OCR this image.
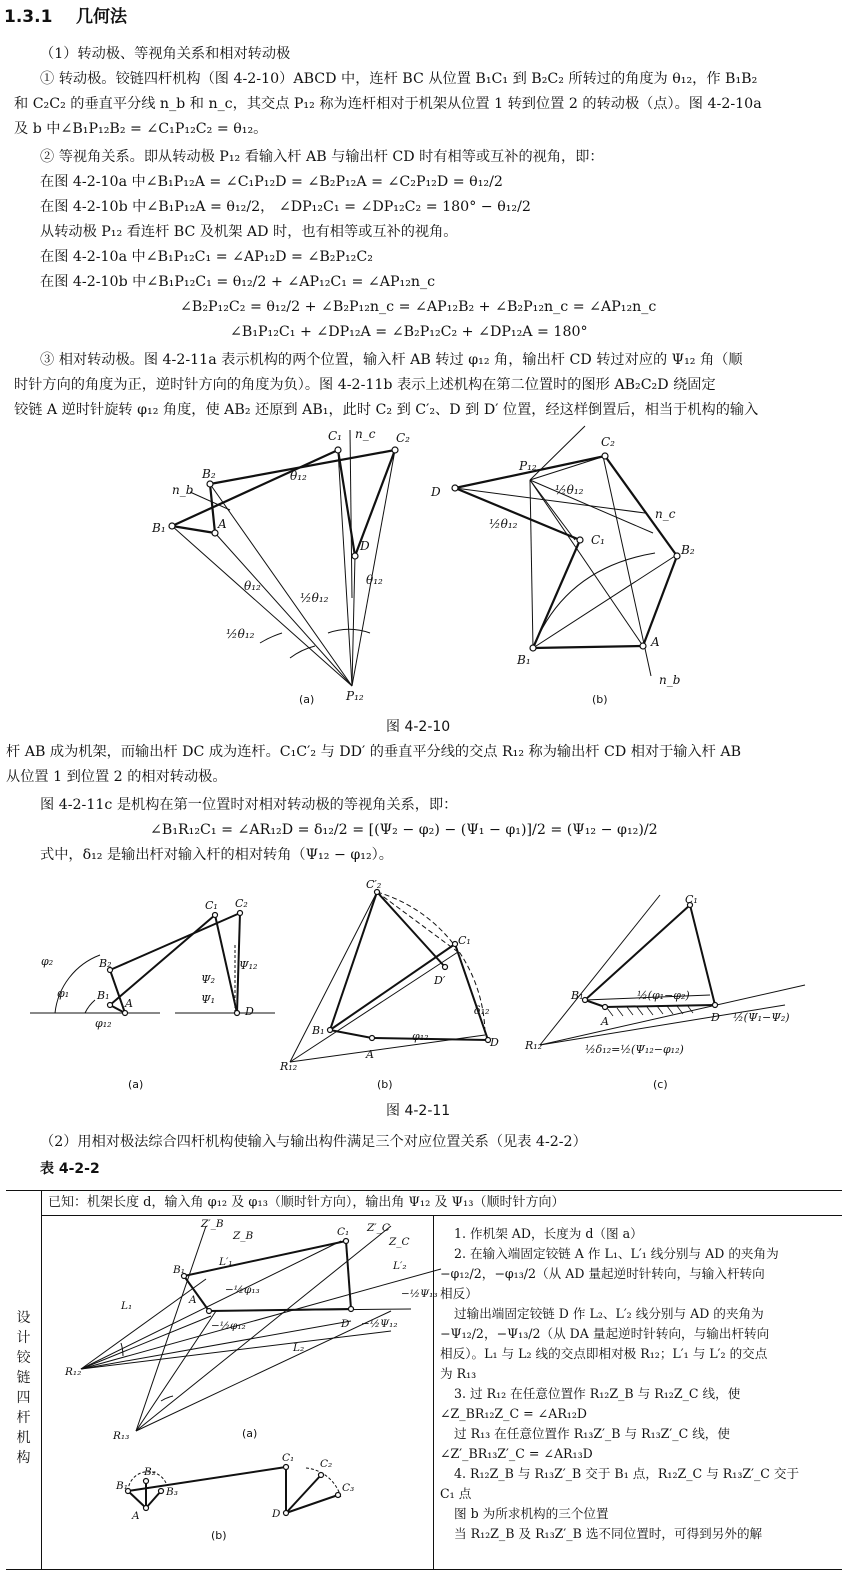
1.3.1 几何法
（1）转动极、等视角关系和相对转动极
① 转动极。铰链四杆机构（图 4-2-10）ABCD 中，连杆 BC 从位置 B₁C₁ 到 B₂C₂ 所转过的角度为 θ₁₂，作 B₁B₂
和 C₂C₂ 的垂直平分线 n_b 和 n_c，其交点 P₁₂ 称为连杆相对于机架从位置 1 转到位置 2 的转动极（点）。图 4-2-10a
及 b 中∠B₁P₁₂B₂ = ∠C₁P₁₂C₂ = θ₁₂。
② 等视角关系。即从转动极 P₁₂ 看输入杆 AB 与输出杆 CD 时有相等或互补的视角，即：
在图 4-2-10a 中∠B₁P₁₂A = ∠C₁P₁₂D = ∠B₂P₁₂A = ∠C₂P₁₂D = θ₁₂/2
在图 4-2-10b 中∠B₁P₁₂A = θ₁₂/2， ∠DP₁₂C₁ = ∠DP₁₂C₂ = 180° − θ₁₂/2
从转动极 P₁₂ 看连杆 BC 及机架 AD 时，也有相等或互补的视角。
在图 4-2-10a 中∠B₁P₁₂C₁ = ∠AP₁₂D = ∠B₂P₁₂C₂
在图 4-2-10b 中∠B₁P₁₂C₁ = θ₁₂/2 + ∠AP₁₂C₁ = ∠AP₁₂n_c
∠B₂P₁₂C₂ = θ₁₂/2 + ∠B₂P₁₂n_c = ∠AP₁₂B₂ + ∠B₂P₁₂n_c = ∠AP₁₂n_c
∠B₁P₁₂C₁ + ∠DP₁₂A = ∠B₂P₁₂C₂ + ∠DP₁₂A = 180°
③ 相对转动极。图 4-2-11a 表示机构的两个位置，输入杆 AB 转过 φ₁₂ 角，输出杆 CD 转过对应的 Ψ₁₂ 角（顺
时针方向的角度为正，逆时针方向的角度为负）。图 4-2-11b 表示上述机构在第二位置时的图形 AB₂C₂D 绕固定
铰链 A 逆时针旋转 φ₁₂ 角度，使 AB₂ 还原到 AB₁，此时 C₂ 到 C′₂、D 到 D′ 位置，经这样倒置后，相当于机构的输入
C₁ n_c C₂
B₂	θ₁₂
n_b
B₁	A
D
θ₁₂	θ₁₂
½θ₁₂
½θ₁₂
P₁₂
(a)
C₂
D
P₁₂
½θ₁₂
n_c
½θ₁₂
C₁
B₂
B₁
A
n_b
(b)
图 4-2-10
杆 AB 成为机架，而输出杆 DC 成为连杆。C₁C′₂ 与 DD′ 的垂直平分线的交点 R₁₂ 称为输出杆 CD 相对于输入杆 AB
从位置 1 到位置 2 的相对转动极。
图 4-2-11c 是机构在第一位置时对相对转动极的等视角关系，即：
∠B₁R₁₂C₁ = ∠AR₁₂D = δ₁₂/2 = [(Ψ₂ − φ₂) − (Ψ₁ − φ₁)]/2 = (Ψ₁₂ − φ₁₂)/2
式中，δ₁₂ 是输出杆对输入杆的相对转角（Ψ₁₂ − φ₁₂）。
C₁ C₂
φ₂	B₂
φ₁	B₁
A
φ₁₂
Ψ₂
Ψ₁
Ψ₁₂
D
(a)
C′₂
C₁
D′
B₁
A
φ₁₂
δ₁₂
D
R₁₂
(b)
C₁
B₁	½(φ₁−φ₂)
A	D ½(Ψ₁−Ψ₂)
R₁₂	½δ₁₂=½(Ψ₁₂−φ₁₂)
(c)
图 4-2-11
（2）用相对极法综合四杆机构使输入与输出构件满足三个对应位置关系（见表 4-2-2）
表 4-2-2
已知：机架长度 d，输入角 φ₁₂ 及 φ₁₃（顺时针方向），输出角 Ψ₁₂ 及 Ψ₁₃（顺时针方向）
设
计
铰
链
四
杆
机
构
Z′_B
Z_B
Z′_C
Z_C
C₁
B₁
L′₁	L′₂
L₁	A
−½φ₁₃
−½φ₁₂	D −½Ψ₁₂
−½Ψ₁₃
R₁₂
L₂
R₁₃	(a)
B₂
B₁	B₃
A
C₁ C₂
C₃
D
(b)
1. 作机架 AD，长度为 d（图 a）
2. 在输入端固定铰链 A 作 L₁、L′₁ 线分别与 AD 的夹角为
−φ₁₂/2，−φ₁₃/2（从 AD 量起逆时针转向，与输入杆转向
相反）
过输出端固定铰链 D 作 L₂、L′₂ 线分别与 AD 的夹角为
−Ψ₁₂/2，−Ψ₁₃/2（从 DA 量起逆时针转向，与输出杆转向
相反）。L₁ 与 L₂ 线的交点即相对极 R₁₂；L′₁ 与 L′₂ 的交点
为 R₁₃
3. 过 R₁₂ 在任意位置作 R₁₂Z_B 与 R₁₂Z_C 线，使
∠Z_BR₁₂Z_C = ∠AR₁₂D
过 R₁₃ 在任意位置作 R₁₃Z′_B 与 R₁₃Z′_C 线，使
∠Z′_BR₁₃Z′_C = ∠AR₁₃D
4. R₁₂Z_B 与 R₁₃Z′_B 交于 B₁ 点，R₁₂Z_C 与 R₁₃Z′_C 交于
C₁ 点
图 b 为所求机构的三个位置
当 R₁₂Z_B 及 R₁₃Z′_B 选不同位置时，可得到另外的解
